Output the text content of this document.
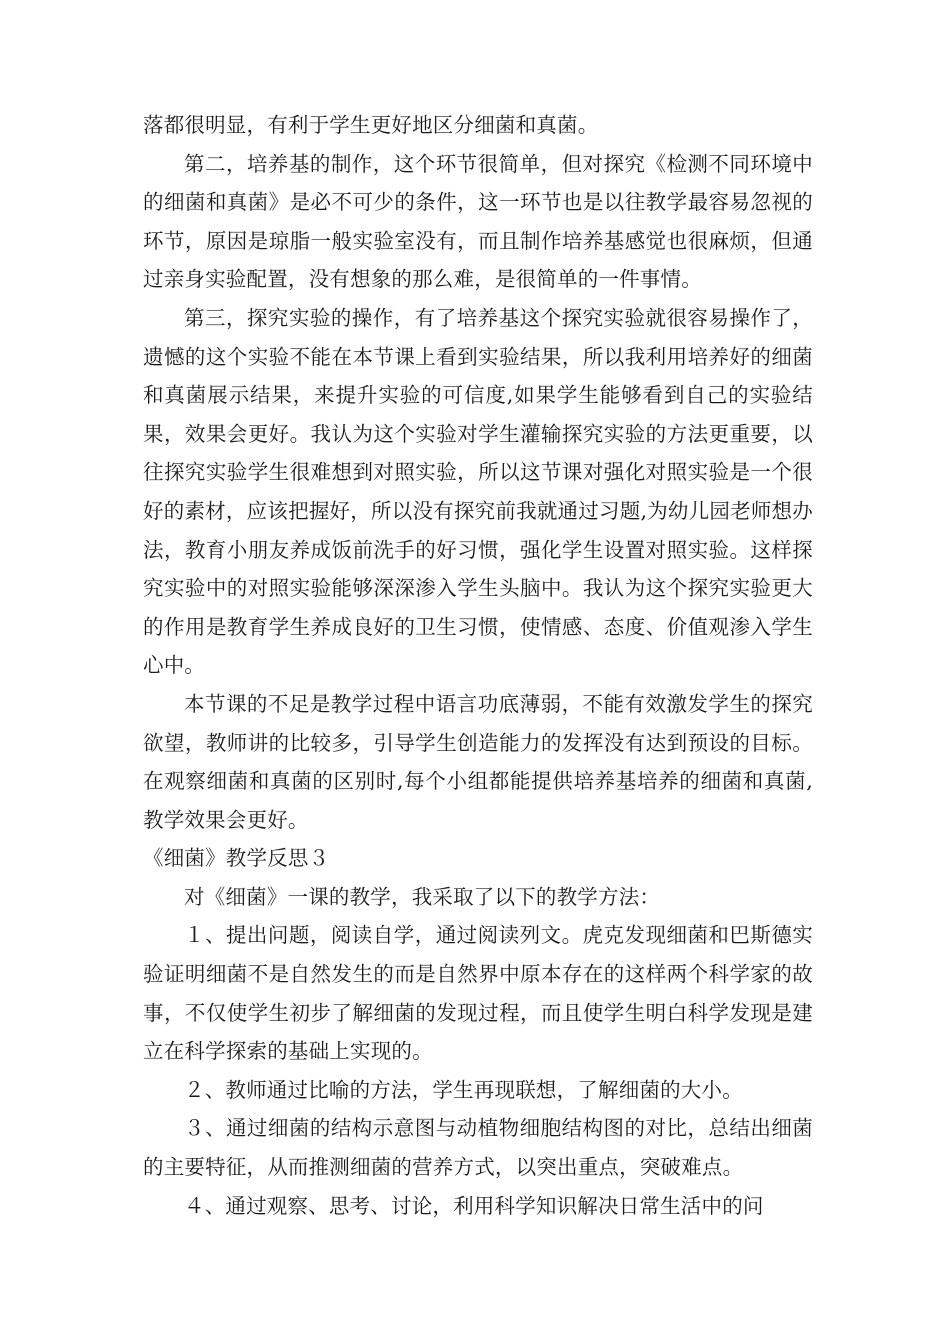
落都很明显，有利于学生更好地区分细菌和真菌。

第二，培养基的制作，这个环节很简单，但对探究《检测不同环境中的细菌和真菌》是必不可少的条件，这一环节也是以往教学最容易忽视的环节，原因是琼脂一般实验室没有，而且制作培养基感觉也很麻烦，但通过亲身实验配置，没有想象的那么难，是很简单的一件事情。

第三，探究实验的操作，有了培养基这个探究实验就很容易操作了，遗憾的这个实验不能在本节课上看到实验结果，所以我利用培养好的细菌和真菌展示结果，来提升实验的可信度,如果学生能够看到自己的实验结果，效果会更好。我认为这个实验对学生灌输探究实验的方法更重要，以往探究实验学生很难想到对照实验，所以这节课对强化对照实验是一个很好的素材，应该把握好，所以没有探究前我就通过习题,为幼儿园老师想办法，教育小朋友养成饭前洗手的好习惯，强化学生设置对照实验。这样探究实验中的对照实验能够深深渗入学生头脑中。我认为这个探究实验更大的作用是教育学生养成良好的卫生习惯，使情感、态度、价值观渗入学生心中。

本节课的不足是教学过程中语言功底薄弱，不能有效激发学生的探究欲望，教师讲的比较多，引导学生创造能力的发挥没有达到预设的目标。在观察细菌和真菌的区别时,每个小组都能提供培养基培养的细菌和真菌,教学效果会更好。

《细菌》教学反思３

对《细菌》一课的教学，我采取了以下的教学方法：

１、提出问题，阅读自学，通过阅读列文。虎克发现细菌和巴斯德实验证明细菌不是自然发生的而是自然界中原本存在的这样两个科学家的故事，不仅使学生初步了解细菌的发现过程，而且使学生明白科学发现是建立在科学探索的基础上实现的。

２、教师通过比喻的方法，学生再现联想，了解细菌的大小。

３、通过细菌的结构示意图与动植物细胞结构图的对比，总结出细菌的主要特征，从而推测细菌的营养方式，以突出重点，突破难点。

４、通过观察、思考、讨论，利用科学知识解决日常生活中的问
